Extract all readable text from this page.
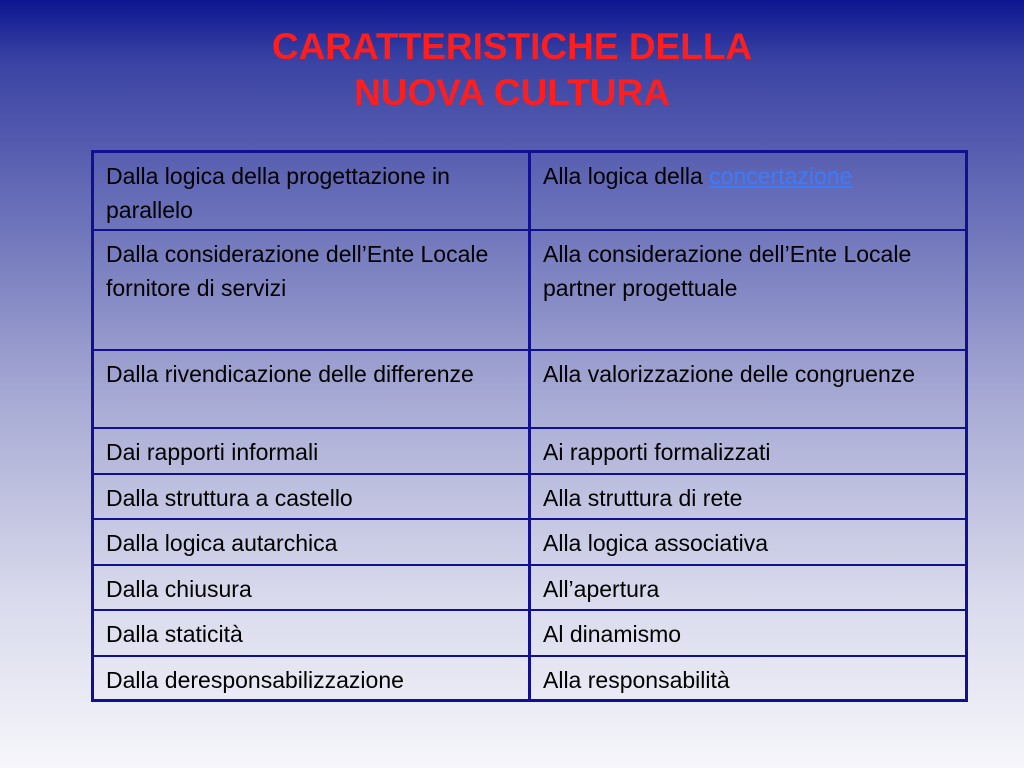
CARATTERISTICHE DELLA
NUOVA CULTURA
Dalla logica della progettazione in parallelo	Alla logica della concertazione
Dalla considerazione dell’Ente Locale fornitore di servizi	Alla considerazione dell’Ente Locale partner progettuale
Dalla rivendicazione delle differenze	Alla valorizzazione delle congruenze
Dai rapporti informali	Ai rapporti formalizzati
Dalla struttura a castello	Alla struttura di rete
Dalla logica autarchica	Alla logica associativa
Dalla chiusura	All’apertura
Dalla staticità	Al dinamismo
Dalla deresponsabilizzazione	Alla responsabilità
